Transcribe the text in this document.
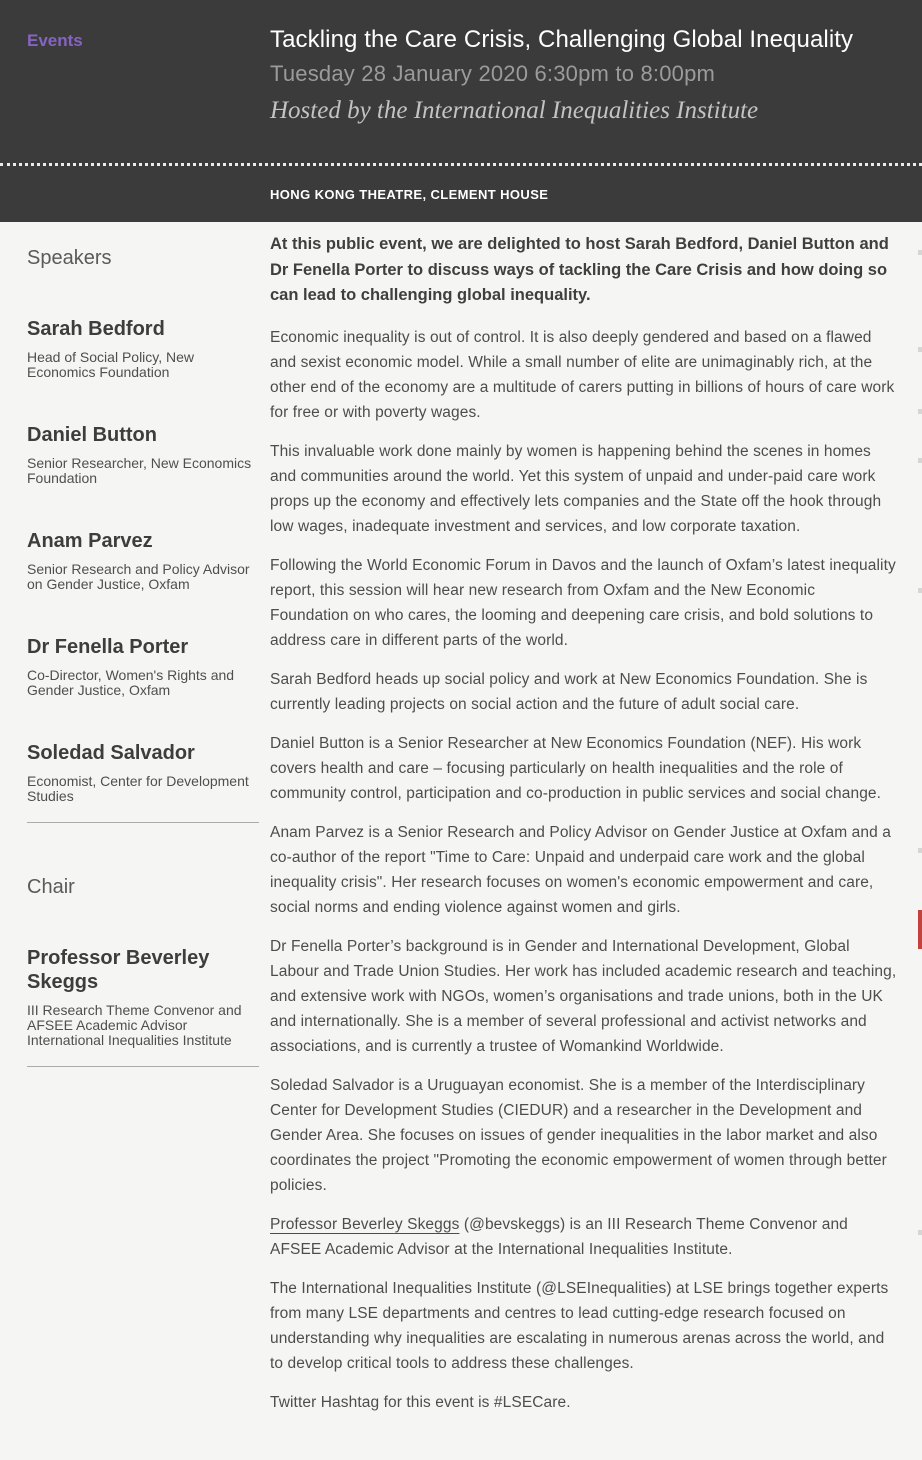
Events	Tackling the Care Crisis, Challenging Global Inequality
Tuesday 28 January 2020 6:30pm to 8:00pm
Hosted by the International Inequalities Institute
HONG KONG THEATRE, CLEMENT HOUSE
Speakers
Sarah Bedford
Head of Social Policy, New Economics Foundation
Daniel Button
Senior Researcher, New Economics Foundation
Anam Parvez
Senior Research and Policy Advisor on Gender Justice, Oxfam
Dr Fenella Porter
Co-Director, Women's Rights and Gender Justice, Oxfam
Soledad Salvador
Economist, Center for Development Studies
Chair
Professor Beverley Skeggs
III Research Theme Convenor and AFSEE Academic Advisor
International Inequalities Institute

At this public event, we are delighted to host Sarah Bedford, Daniel Button and Dr Fenella Porter to discuss ways of tackling the Care Crisis and how doing so can lead to challenging global inequality.

Economic inequality is out of control. It is also deeply gendered and based on a flawed and sexist economic model. While a small number of elite are unimaginably rich, at the other end of the economy are a multitude of carers putting in billions of hours of care work for free or with poverty wages.

This invaluable work done mainly by women is happening behind the scenes in homes and communities around the world. Yet this system of unpaid and under-paid care work props up the economy and effectively lets companies and the State off the hook through low wages, inadequate investment and services, and low corporate taxation.

Following the World Economic Forum in Davos and the launch of Oxfam’s latest inequality report, this session will hear new research from Oxfam and the New Economic Foundation on who cares, the looming and deepening care crisis, and bold solutions to address care in different parts of the world.

Sarah Bedford heads up social policy and work at New Economics Foundation. She is currently leading projects on social action and the future of adult social care.

Daniel Button is a Senior Researcher at New Economics Foundation (NEF). His work covers health and care – focusing particularly on health inequalities and the role of community control, participation and co-production in public services and social change.

Anam Parvez is a Senior Research and Policy Advisor on Gender Justice at Oxfam and a co-author of the report "Time to Care: Unpaid and underpaid care work and the global inequality crisis". Her research focuses on women's economic empowerment and care, social norms and ending violence against women and girls.

Dr Fenella Porter’s background is in Gender and International Development, Global Labour and Trade Union Studies. Her work has included academic research and teaching, and extensive work with NGOs, women’s organisations and trade unions, both in the UK and internationally. She is a member of several professional and activist networks and associations, and is currently a trustee of Womankind Worldwide.

Soledad Salvador is a Uruguayan economist. She is a member of the Interdisciplinary Center for Development Studies (CIEDUR) and a researcher in the Development and Gender Area. She focuses on issues of gender inequalities in the labor market and also coordinates the project "Promoting the economic empowerment of women through better policies.

Professor Beverley Skeggs (@bevskeggs) is an III Research Theme Convenor and AFSEE Academic Advisor at the International Inequalities Institute.

The International Inequalities Institute (@LSEInequalities) at LSE brings together experts from many LSE departments and centres to lead cutting-edge research focused on understanding why inequalities are escalating in numerous arenas across the world, and to develop critical tools to address these challenges.

Twitter Hashtag for this event is #LSECare.
